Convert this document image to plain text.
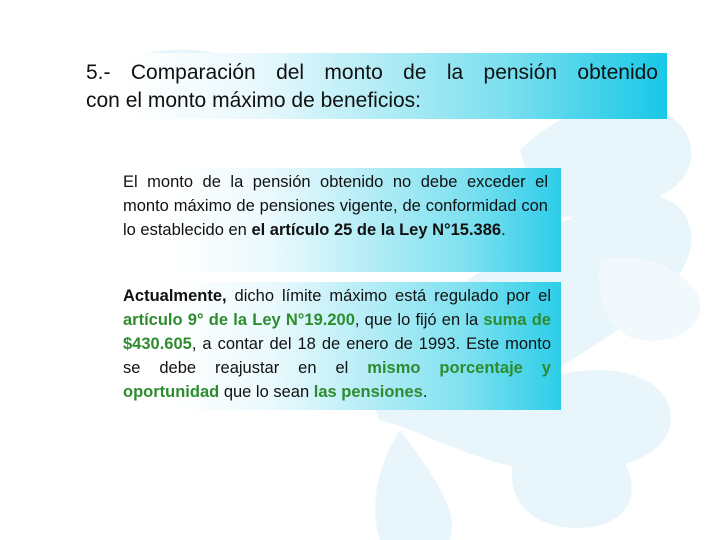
5.- Comparación del monto de la pensión obtenido
con el monto máximo de beneficios:

El monto de la pensión obtenido no debe exceder el monto máximo de pensiones vigente, de conformidad con lo establecido en el artículo 25 de la Ley N°15.386.

Actualmente, dicho límite máximo está regulado por el artículo 9° de la Ley N°19.200, que lo fijó en la suma de $430.605, a contar del 18 de enero de 1993. Este monto se debe reajustar en el mismo porcentaje y oportunidad que lo sean las pensiones.
